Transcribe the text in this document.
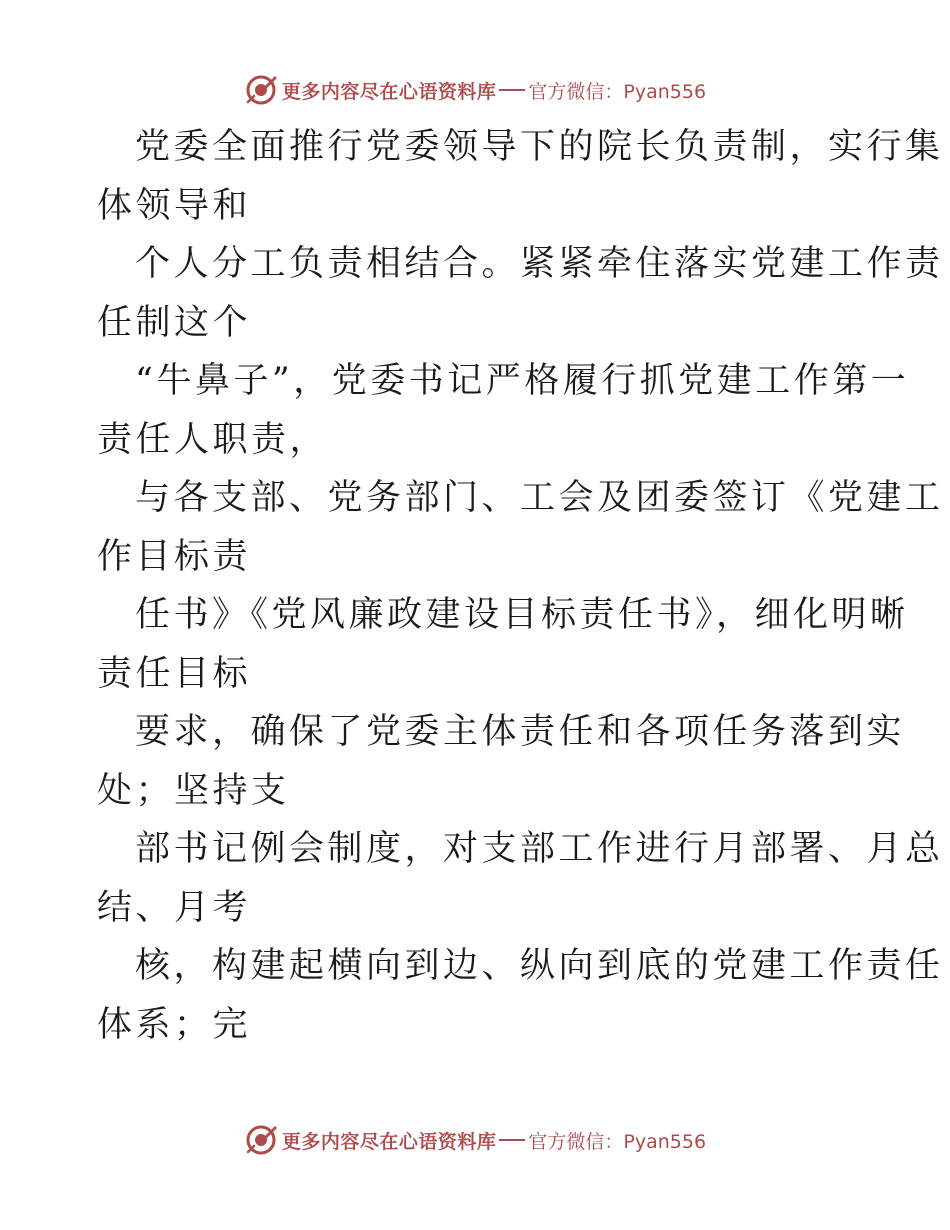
更多内容尽在心语资料库 官方微信：Pyan556
党委全面推行党委领导下的院长负责制，实行集
体领导和
个人分工负责相结合。紧紧牵住落实党建工作责
任制这个
“牛鼻子”，党委书记严格履行抓党建工作第一
责任人职责，
与各支部、党务部门、工会及团委签订《党建工
作目标责
任书》《党风廉政建设目标责任书》，细化明晰
责任目标
要求，确保了党委主体责任和各项任务落到实
处；坚持支
部书记例会制度，对支部工作进行月部署、月总
结、月考
核，构建起横向到边、纵向到底的党建工作责任
体系；完
更多内容尽在心语资料库 官方微信：Pyan556
